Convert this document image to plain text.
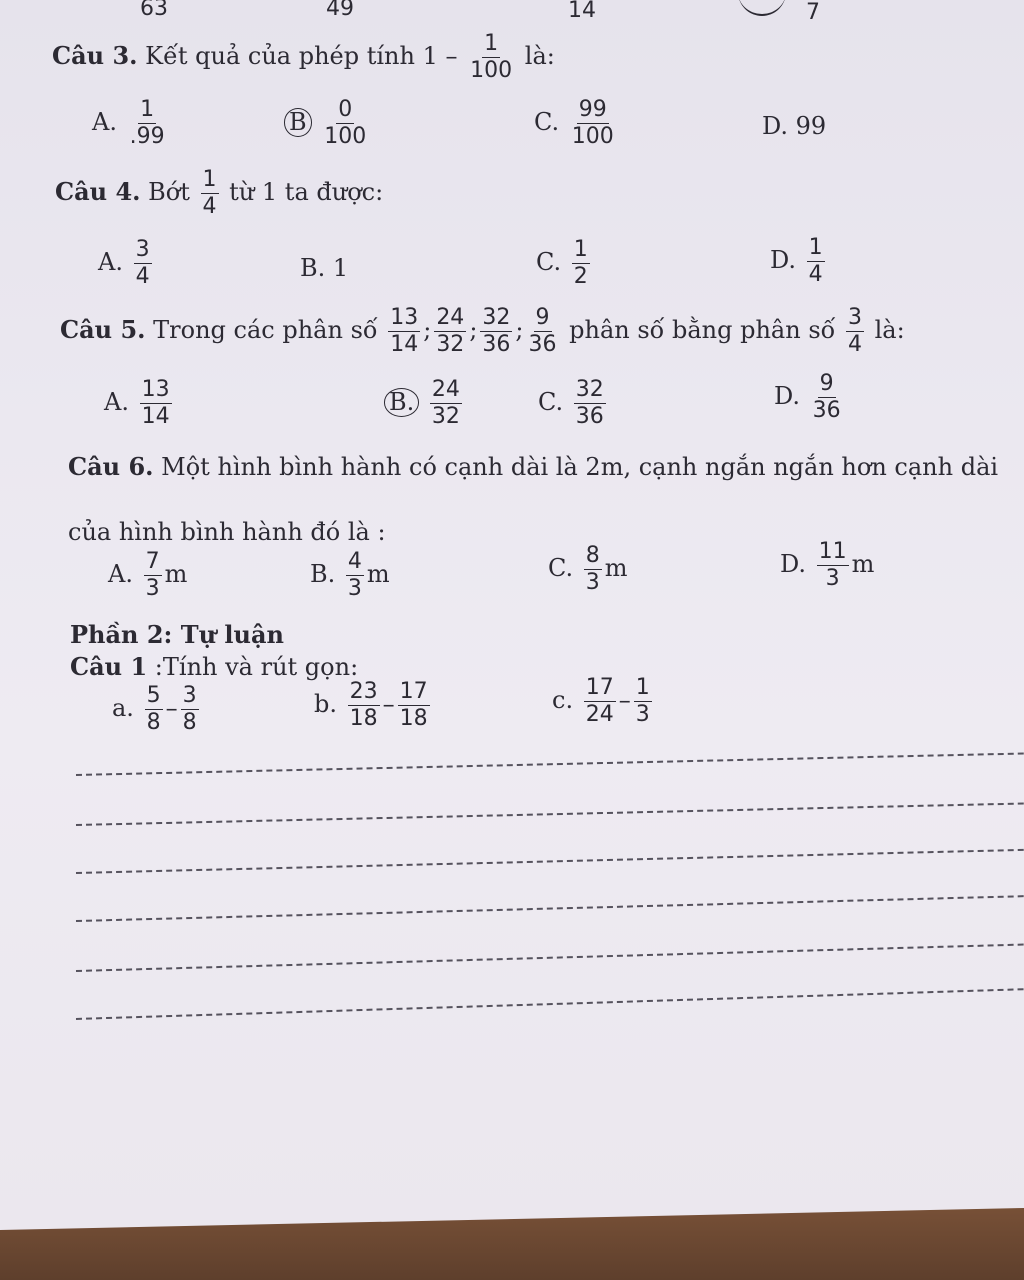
63	49	14	7
Câu 3. Kết quả của phép tính $1 - \frac{1}{100}$ là:
A. $\frac{1}{.99}$	B $\frac{0}{100}$	C. $\frac{99}{100}$	D. 99
Câu 4. Bớt $\frac{1}{4}$ từ 1 ta được:
A. $\frac{3}{4}$	B. 1	C. $\frac{1}{2}$	D. $\frac{1}{4}$
Câu 5. Trong các phân số $\frac{13}{14}$ ; $\frac{24}{32}$ ; $\frac{32}{36}$ ; $\frac{9}{36}$ phân số bằng phân số $\frac{3}{4}$ là:
A. $\frac{13}{14}$	B. $\frac{24}{32}$	C. $\frac{32}{36}$	D. $\frac{9}{36}$
Câu 6. Một hình bình hành có cạnh dài là 2m, cạnh ngắn ngắn hơn cạnh dài
của hình bình hành đó là :
A. $\frac{7}{3}$ m	B. $\frac{4}{3}$ m	C. $\frac{8}{3}$ m	D. $\frac{11}{3}$ m
Phần 2: Tự luận
Câu 1 :Tính và rút gọn:
a. $\frac{5}{8} - \frac{3}{8}$	b. $\frac{23}{18} - \frac{17}{18}$	c. $\frac{17}{24} - \frac{1}{3}$
